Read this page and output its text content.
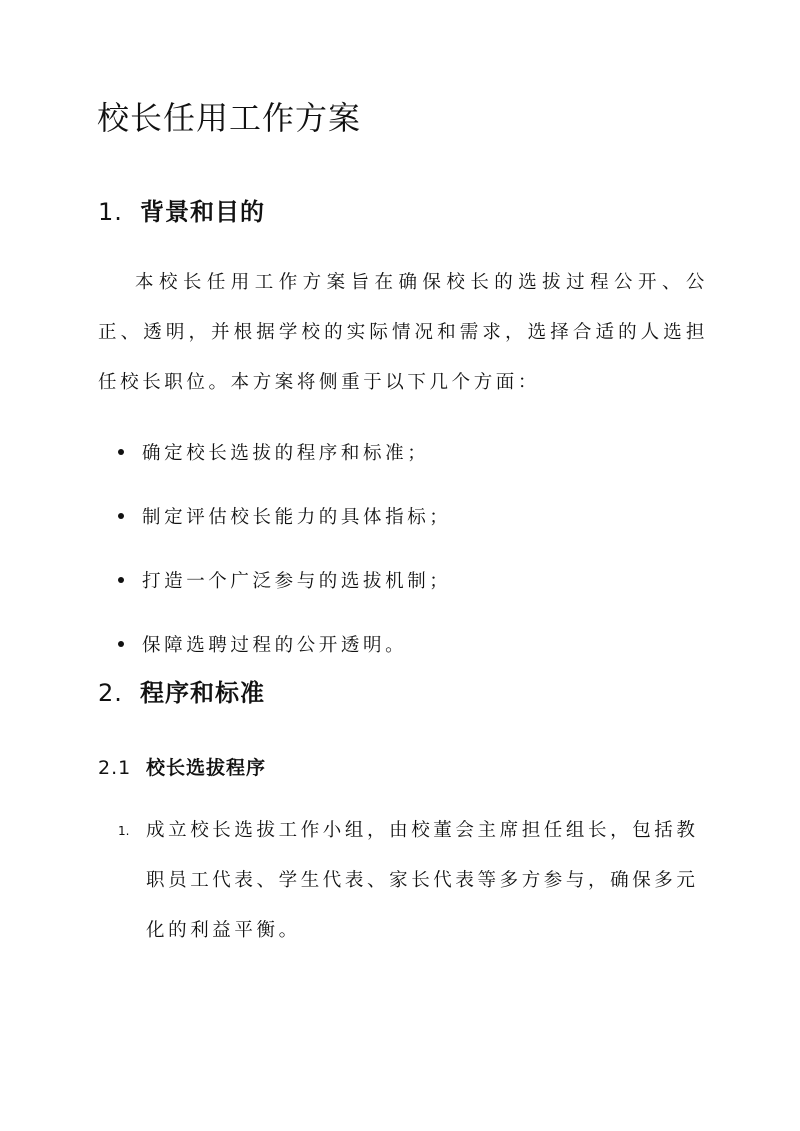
校长任用工作方案
1. 背景和目的

本校长任用工作方案旨在确保校长的选拔过程公开、公正、透明，并根据学校的实际情况和需求，选择合适的人选担任校长职位。本方案将侧重于以下几个方面：

确定校长选拔的程序和标准；
制定评估校长能力的具体指标；
打造一个广泛参与的选拔机制；
保障选聘过程的公开透明。
2. 程序和标准
2.1 校长选拔程序
1. 成立校长选拔工作小组，由校董会主席担任组长，包括教职员工代表、学生代表、家长代表等多方参与，确保多元化的利益平衡。
